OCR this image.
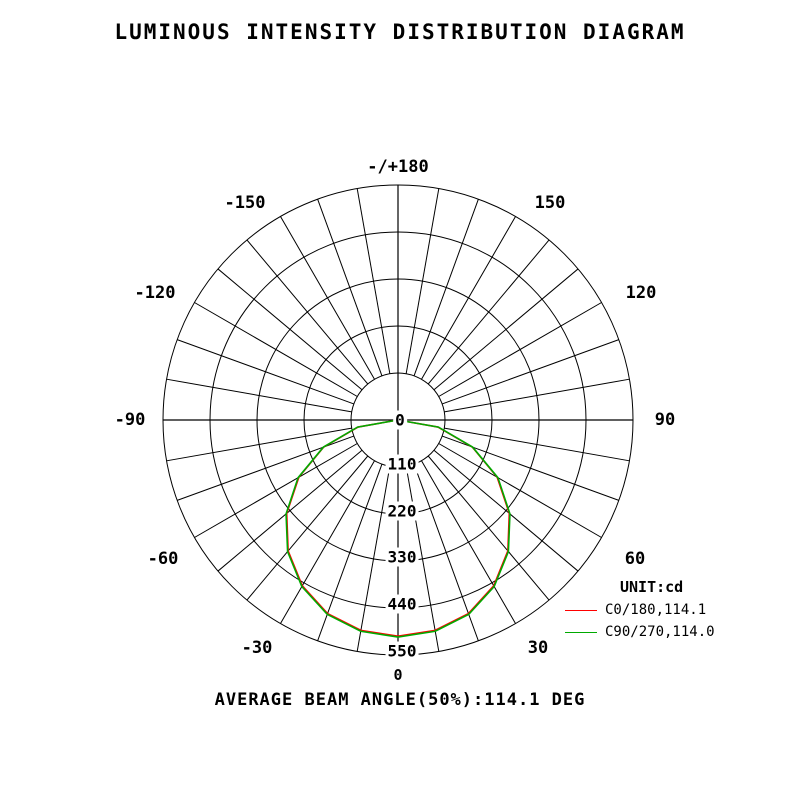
LUMINOUS INTENSITY DISTRIBUTION DIAGRAM
-/+180
-150	150
-120	120
-90	90
-60	60
-30	30
0
110
220
330
440
550
UNIT:cd
C0/180,114.1
C90/270,114.0
0
AVERAGE BEAM ANGLE(50%):114.1 DEG
